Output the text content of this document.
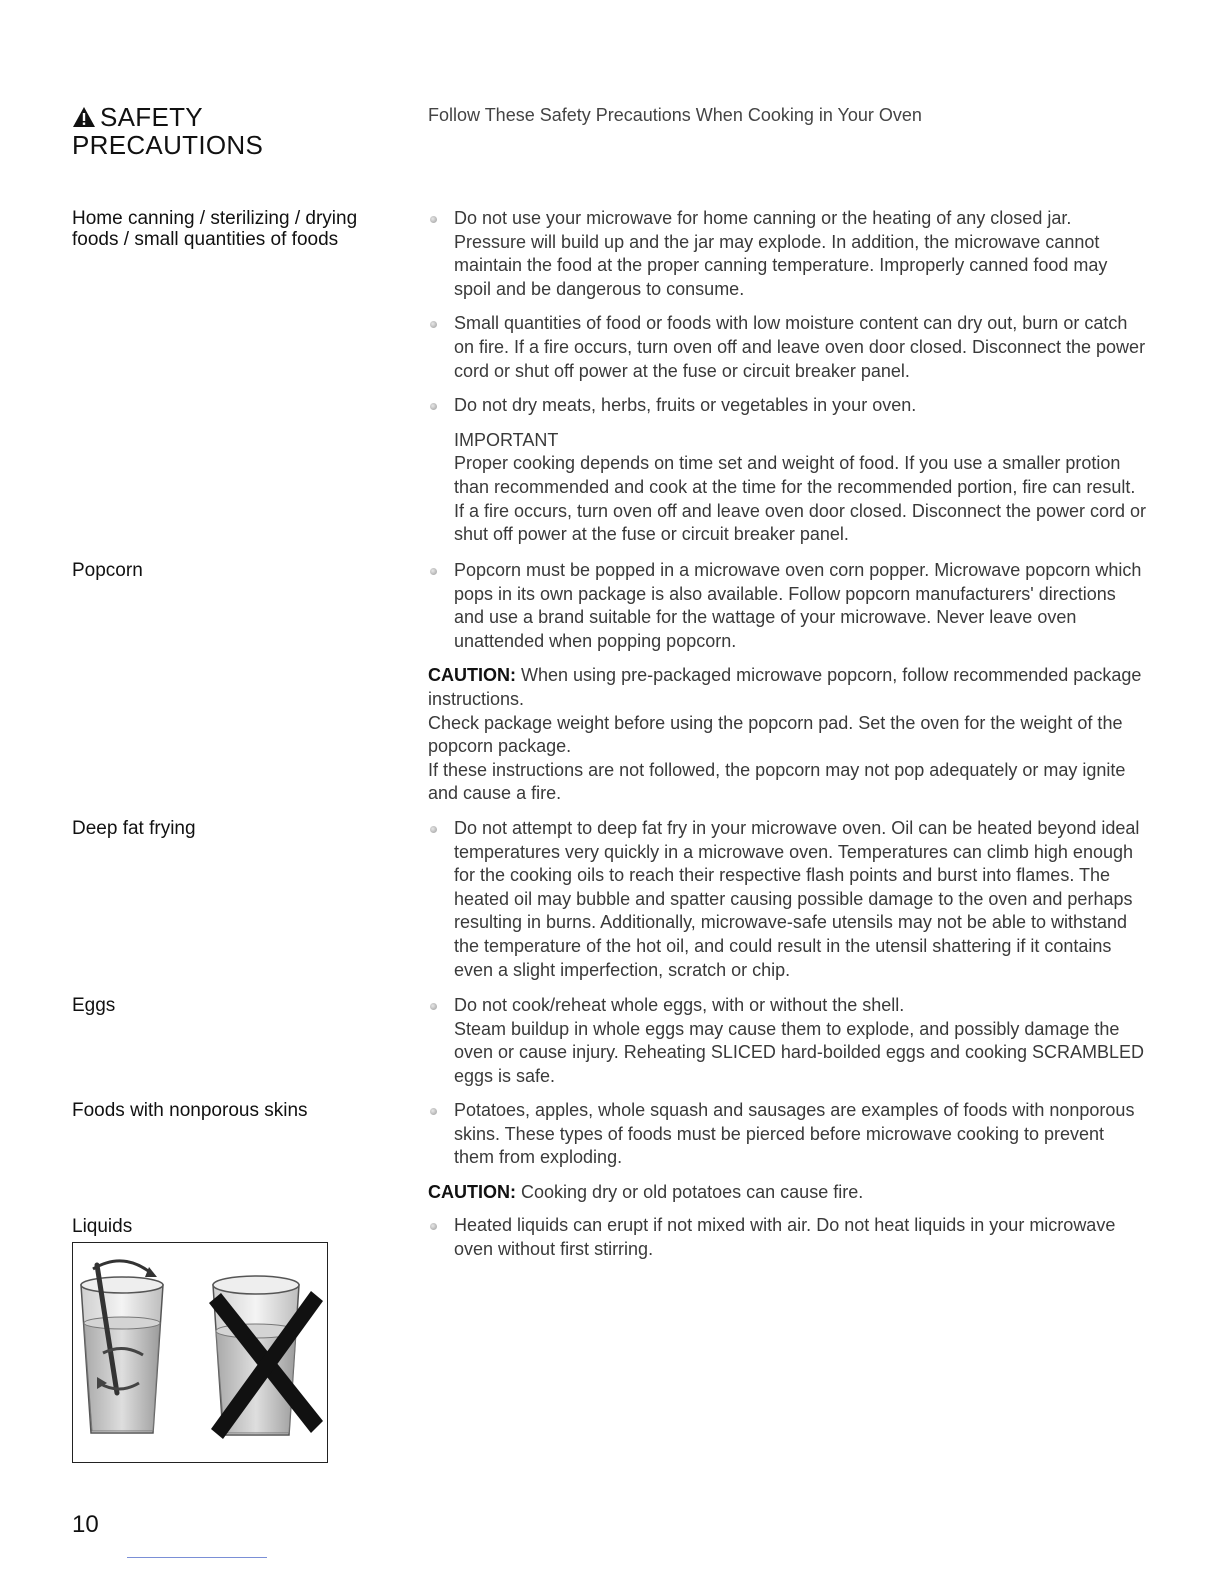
SAFETY
PRECAUTIONS
Follow These Safety Precautions When Cooking in Your Oven
Home canning / sterilizing / drying foods / small quantities of foods
Do not use your microwave for home canning or the heating of any closed jar. Pressure will build up and the jar may explode. In addition, the microwave cannot maintain the food at the proper canning temperature. Improperly canned food may spoil and be dangerous to consume.
Small quantities of food or foods with low moisture content can dry out, burn or catch on fire. If a fire occurs, turn oven off and leave oven door closed. Disconnect the power cord or shut off power at the fuse or circuit breaker panel.
Do not dry meats, herbs, fruits or vegetables in your oven.
IMPORTANT
Proper cooking depends on time set and weight of food. If you use a smaller protion than recommended and cook at the time for the recommended portion, fire can result. If a fire occurs, turn oven off and leave oven door closed. Disconnect the power cord or shut off power at the fuse or circuit breaker panel.
Popcorn	Popcorn must be popped in a microwave oven corn popper. Microwave popcorn which pops in its own package is also available. Follow popcorn manufacturers' directions and use a brand suitable for the wattage of your microwave. Never leave oven unattended when popping popcorn.
CAUTION: When using pre-packaged microwave popcorn, follow recommended package instructions.
Check package weight before using the popcorn pad. Set the oven for the weight of the popcorn package.
If these instructions are not followed, the popcorn may not pop adequately or may ignite and cause a fire.
Deep fat frying	Do not attempt to deep fat fry in your microwave oven. Oil can be heated beyond ideal temperatures very quickly in a microwave oven. Temperatures can climb high enough for the cooking oils to reach their respective flash points and burst into flames. The heated oil may bubble and spatter causing possible damage to the oven and perhaps resulting in burns. Additionally, microwave-safe utensils may not be able to withstand the temperature of the hot oil, and could result in the utensil shattering if it contains even a slight imperfection, scratch or chip.
Eggs	Do not cook/reheat whole eggs, with or without the shell.
Steam buildup in whole eggs may cause them to explode, and possibly damage the oven or cause injury. Reheating SLICED hard-boilded eggs and cooking SCRAMBLED eggs is safe.
Foods with nonporous skins	Potatoes, apples, whole squash and sausages are examples of foods with nonporous skins. These types of foods must be pierced before microwave cooking to prevent them from exploding.
CAUTION: Cooking dry or old potatoes can cause fire.
Liquids	Heated liquids can erupt if not mixed with air. Do not heat liquids in your microwave oven without first stirring.
10
